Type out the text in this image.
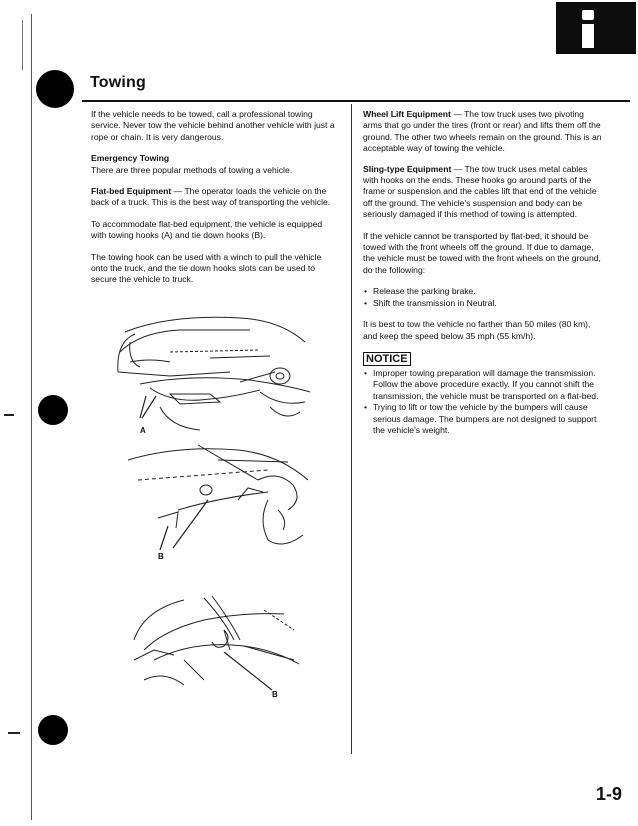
Towing

If the vehicle needs to be towed, call a professional towing service. Never tow the vehicle behind another vehicle with just a rope or chain. It is very dangerous.

Emergency Towing
There are three popular methods of towing a vehicle.

Flat-bed Equipment — The operator loads the vehicle on the back of a truck. This is the best way of transporting the vehicle.

To accommodate flat-bed equipment, the vehicle is equipped with towing hooks (A) and tie down hooks (B).

The towing hook can be used with a winch to pull the vehicle onto the truck, and the tie down hooks slots can be used to secure the vehicle to truck.

A
B
B

Wheel Lift Equipment — The tow truck uses two pivoting arms that go under the tires (front or rear) and lifts them off the ground. The other two wheels remain on the ground. This is an acceptable way of towing the vehicle.

Sling-type Equipment — The tow truck uses metal cables with hooks on the ends. These hooks go around parts of the frame or suspension and the cables lift that end of the vehicle off the ground. The vehicle's suspension and body can be seriously damaged if this method of towing is attempted.

If the vehicle cannot be transported by flat-bed, it should be towed with the front wheels off the ground. If due to damage, the vehicle must be towed with the front wheels on the ground, do the following:

• Release the parking brake.
• Shift the transmission in Neutral.

It is best to tow the vehicle no farther than 50 miles (80 km), and keep the speed below 35 mph (55 km/h).

NOTICE
• Improper towing preparation will damage the transmission. Follow the above procedure exactly. If you cannot shift the transmission, the vehicle must be transported on a flat-bed.
• Trying to lift or tow the vehicle by the bumpers will cause serious damage. The bumpers are not designed to support the vehicle's weight.
1-9
